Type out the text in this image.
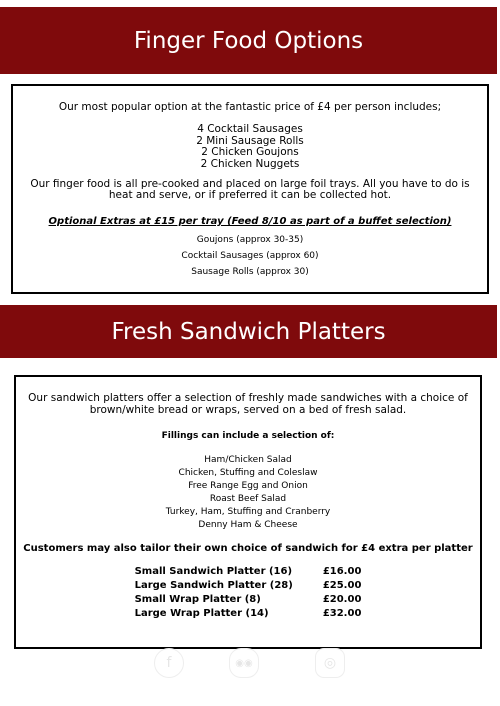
Finger Food Options

Our most popular option at the fantastic price of £4 per person includes;

4 Cocktail Sausages

2 Mini Sausage Rolls

2 Chicken Goujons

2 Chicken Nuggets

Our finger food is all pre-cooked and placed on large foil trays. All you have to do is heat and serve, or if preferred it can be collected hot.

Optional Extras at £15 per tray (Feed 8/10 as part of a buffet selection)

Goujons (approx 30-35)

Cocktail Sausages (approx 60)

Sausage Rolls (approx 30)

Fresh Sandwich Platters

Our sandwich platters offer a selection of freshly made sandwiches with a choice of brown/white bread or wraps, served on a bed of fresh salad.

Fillings can include a selection of:

Ham/Chicken Salad

Chicken, Stuffing and Coleslaw

Free Range Egg and Onion

Roast Beef Salad

Turkey, Ham, Stuffing and Cranberry

Denny Ham & Cheese

Customers may also tailor their own choice of sandwich for £4 extra per platter

Small Sandwich Platter (16)	£16.00
Large Sandwich Platter (28)	£25.00
Small Wrap Platter (8)	£20.00
Large Wrap Platter (14)	£32.00
f	◉◉	◎
